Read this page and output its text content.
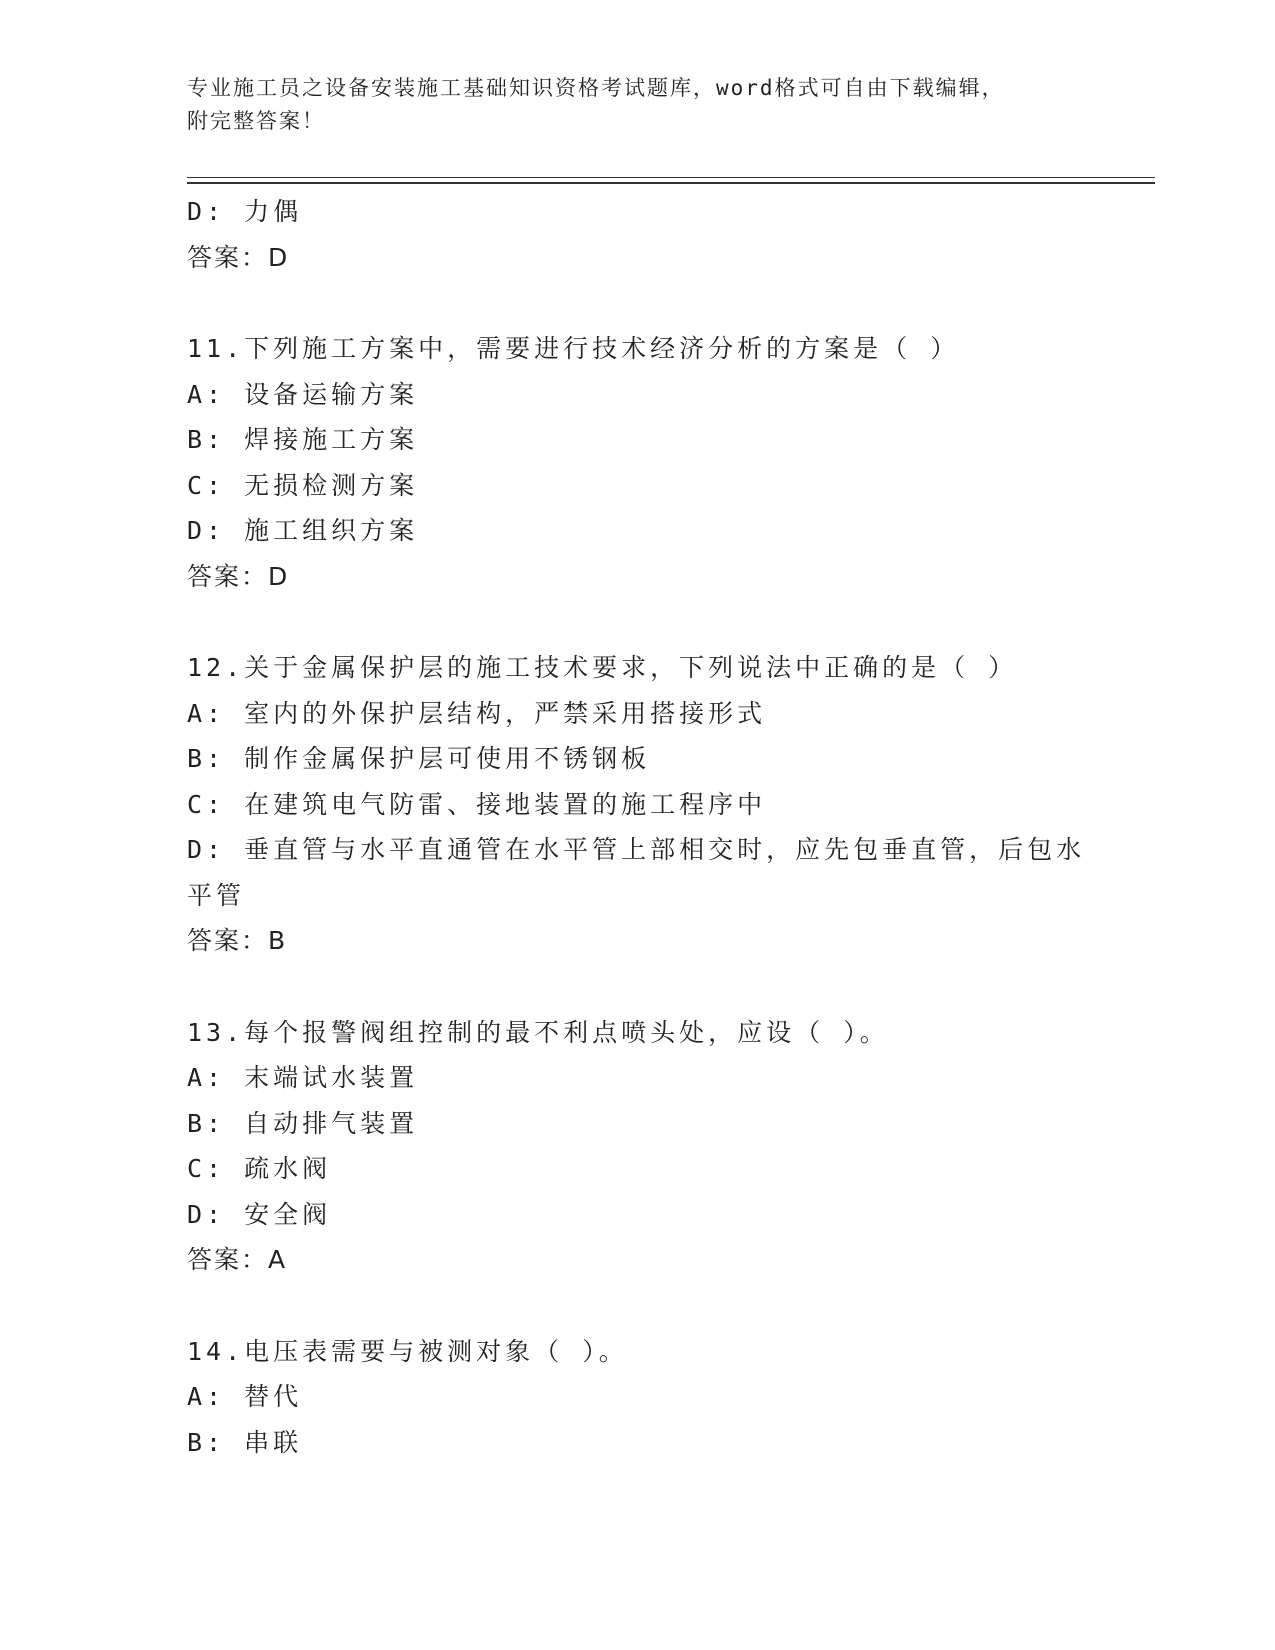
专业施工员之设备安装施工基础知识资格考试题库，word格式可自由下载编辑，
附完整答案！
D: 力偶
答案：D
11.下列施工方案中，需要进行技术经济分析的方案是（ ）
A: 设备运输方案
B: 焊接施工方案
C: 无损检测方案
D: 施工组织方案
答案：D
12.关于金属保护层的施工技术要求，下列说法中正确的是（ ）
A: 室内的外保护层结构，严禁采用搭接形式
B: 制作金属保护层可使用不锈钢板
C: 在建筑电气防雷、接地装置的施工程序中
D: 垂直管与水平直通管在水平管上部相交时，应先包垂直管，后包水
平管
答案：B
13.每个报警阀组控制的最不利点喷头处，应设（ ）。
A: 末端试水装置
B: 自动排气装置
C: 疏水阀
D: 安全阀
答案：A
14.电压表需要与被测对象（ ）。
A: 替代
B: 串联
